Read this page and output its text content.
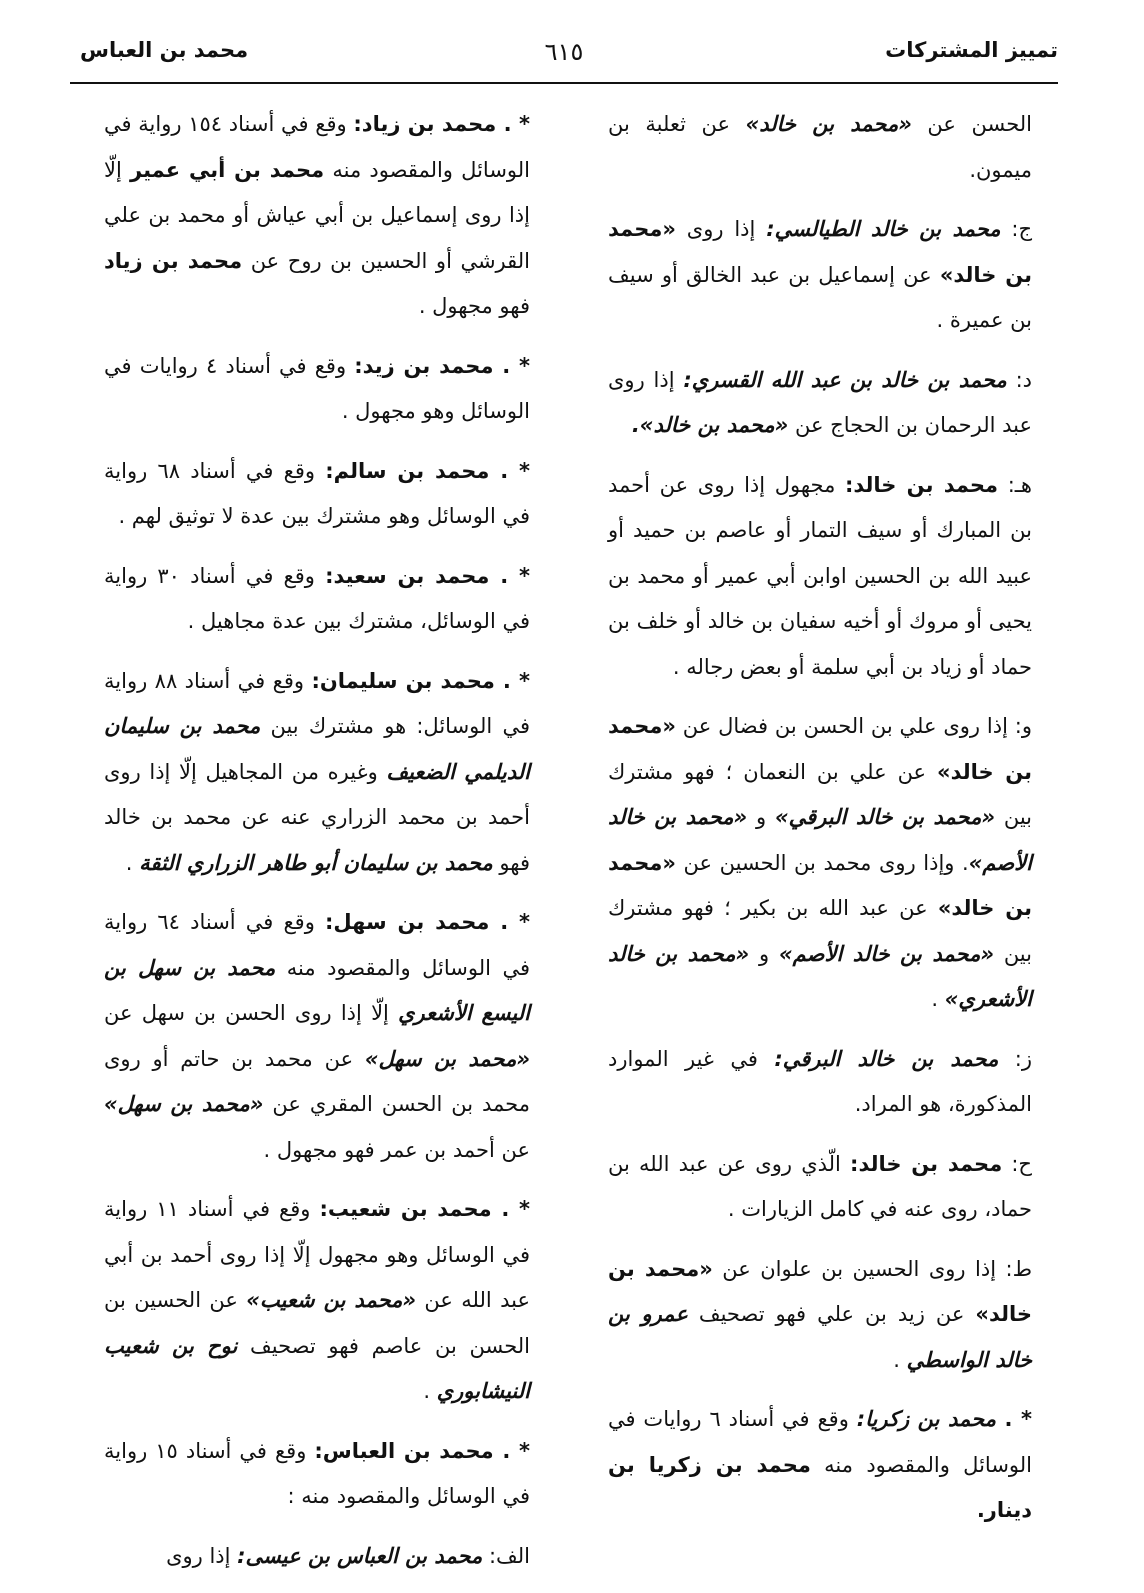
تمييز المشتركات
٦١٥
محمد بن العباس

الحسن عن «محمد بن خالد» عن ثعلبة بن ميمون.

ج: محمد بن خالد الطيالسي: إذا روى «محمد بن خالد» عن إسماعيل بن عبد الخالق أو سيف بن عميرة .

د: محمد بن خالد بن عبد الله القسري: إذا روى عبد الرحمان بن الحجاج عن «محمد بن خالد».

هـ: محمد بن خالد: مجهول إذا روى عن أحمد بن المبارك أو سيف التمار أو عاصم بن حميد أو عبيد الله بن الحسين اوابن أبي عمير أو محمد بن يحيى أو مروك أو أخيه سفيان بن خالد أو خلف بن حماد أو زياد بن أبي سلمة أو بعض رجاله .

و: إذا روى علي بن الحسن بن فضال عن «محمد بن خالد» عن علي بن النعمان ؛ فهو مشترك بين «محمد بن خالد البرقي» و «محمد بن خالد الأصم». وإذا روى محمد بن الحسين عن «محمد بن خالد» عن عبد الله بن بكير ؛ فهو مشترك بين «محمد بن خالد الأصم» و «محمد بن خالد الأشعري» .

ز: محمد بن خالد البرقي: في غير الموارد المذكورة، هو المراد.

ح: محمد بن خالد: الّذي روى عن عبد الله بن حماد، روى عنه في كامل الزيارات .

ط: إذا روى الحسين بن علوان عن «محمد بن خالد» عن زيد بن علي فهو تصحيف عمرو بن خالد الواسطي .

* . محمد بن زكريا: وقع في أسناد ٦ روايات في الوسائل والمقصود منه محمد بن زكريا بن دينار.

* . محمد بن زياد: وقع في أسناد ١٥٤ رواية في الوسائل والمقصود منه محمد بن أبي عمير إلّا إذا روى إسماعيل بن أبي عياش أو محمد بن علي القرشي أو الحسين بن روح عن محمد بن زياد فهو مجهول .

* . محمد بن زيد: وقع في أسناد ٤ روايات في الوسائل وهو مجهول .

* . محمد بن سالم: وقع في أسناد ٦٨ رواية في الوسائل وهو مشترك بين عدة لا توثيق لهم .

* . محمد بن سعيد: وقع في أسناد ٣٠ رواية في الوسائل، مشترك بين عدة مجاهيل .

* . محمد بن سليمان: وقع في أسناد ٨٨ رواية في الوسائل: هو مشترك بين محمد بن سليمان الديلمي الضعيف وغيره من المجاهيل إلّا إذا روى أحمد بن محمد الزراري عنه عن محمد بن خالد فهو محمد بن سليمان أبو طاهر الزراري الثقة .

* . محمد بن سهل: وقع في أسناد ٦٤ رواية في الوسائل والمقصود منه محمد بن سهل بن اليسع الأشعري إلّا إذا روى الحسن بن سهل عن «محمد بن سهل» عن محمد بن حاتم أو روى محمد بن الحسن المقري عن «محمد بن سهل» عن أحمد بن عمر فهو مجهول .

* . محمد بن شعيب: وقع في أسناد ١١ رواية في الوسائل وهو مجهول إلّا إذا روى أحمد بن أبي عبد الله عن «محمد بن شعيب» عن الحسين بن الحسن بن عاصم فهو تصحيف نوح بن شعيب النيشابوري .

* . محمد بن العباس: وقع في أسناد ١٥ رواية في الوسائل والمقصود منه :

الف: محمد بن العباس بن عيسى: إذا روى
